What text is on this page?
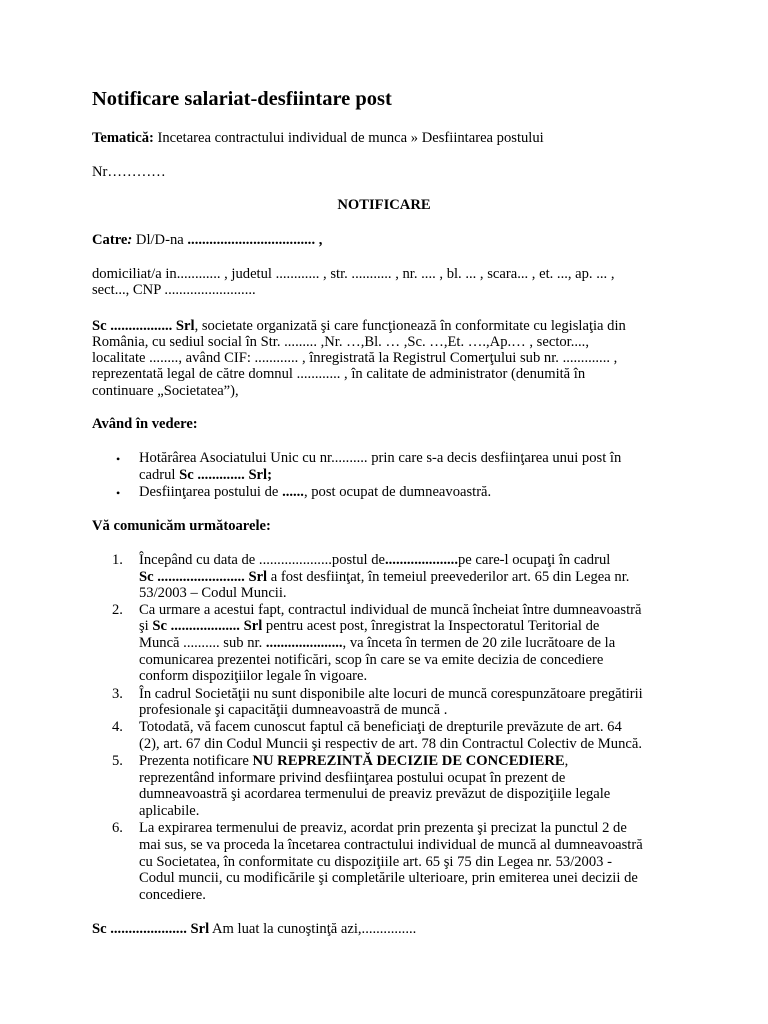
Notificare salariat-desfiintare post
Tematică: Incetarea contractului individual de munca » Desfiintarea postului
Nr…………
NOTIFICARE
Catre: Dl/D-na ................................... ,
domiciliat/a in............ , judetul ............ , str. ........... , nr. .... , bl. ... , scara... , et. ..., ap. ... ,
sect..., CNP .........................
Sc ................. Srl, societate organizată şi care funcţionează în conformitate cu legislaţia din
România, cu sediul social în Str. ......... ,Nr. …,Bl. … ,Sc. …,Et. ….,Ap.… , sector....,
localitate ........, având CIF: ............ , înregistrată la Registrul Comerţului sub nr. ............. ,
reprezentată legal de către domnul ............ , în calitate de administrator (denumită în
continuare „Societatea”),
Având în vedere:
• Hotărârea Asociatului Unic cu nr.......... prin care s-a decis desfiinţarea unui post în
cadrul Sc ............. Srl;
• Desfiinţarea postului de ......, post ocupat de dumneavoastră.
Vă comunicăm următoarele:
1. Începând cu data de ....................postul de....................pe care-l ocupaţi în cadrul
Sc ........................ Srl a fost desfiinţat, în temeiul preevederilor art. 65 din Legea nr.
53/2003 – Codul Muncii.
2. Ca urmare a acestui fapt, contractul individual de muncă încheiat între dumneavoastră
şi Sc ................... Srl pentru acest post, înregistrat la Inspectoratul Teritorial de
Muncă .......... sub nr. ....................., va înceta în termen de 20 zile lucrătoare de la
comunicarea prezentei notificări, scop în care se va emite decizia de concediere
conform dispoziţiilor legale în vigoare.
3. În cadrul Societăţii nu sunt disponibile alte locuri de muncă corespunzătoare pregătirii
profesionale şi capacităţii dumneavoastră de muncă .
4. Totodată, vă facem cunoscut faptul că beneficiaţi de drepturile prevăzute de art. 64
(2), art. 67 din Codul Muncii şi respectiv de art. 78 din Contractul Colectiv de Muncă.
5. Prezenta notificare NU REPREZINTĂ DECIZIE DE CONCEDIERE,
reprezentând informare privind desfiinţarea postului ocupat în prezent de
dumneavoastră şi acordarea termenului de preaviz prevăzut de dispoziţiile legale
aplicabile.
6. La expirarea termenului de preaviz, acordat prin prezenta şi precizat la punctul 2 de
mai sus, se va proceda la încetarea contractului individual de muncă al dumneavoastră
cu Societatea, în conformitate cu dispoziţiile art. 65 şi 75 din Legea nr. 53/2003 -
Codul muncii, cu modificările şi completările ulterioare, prin emiterea unei decizii de
concediere.
Sc ..................... Srl Am luat la cunoştinţă azi,...............
